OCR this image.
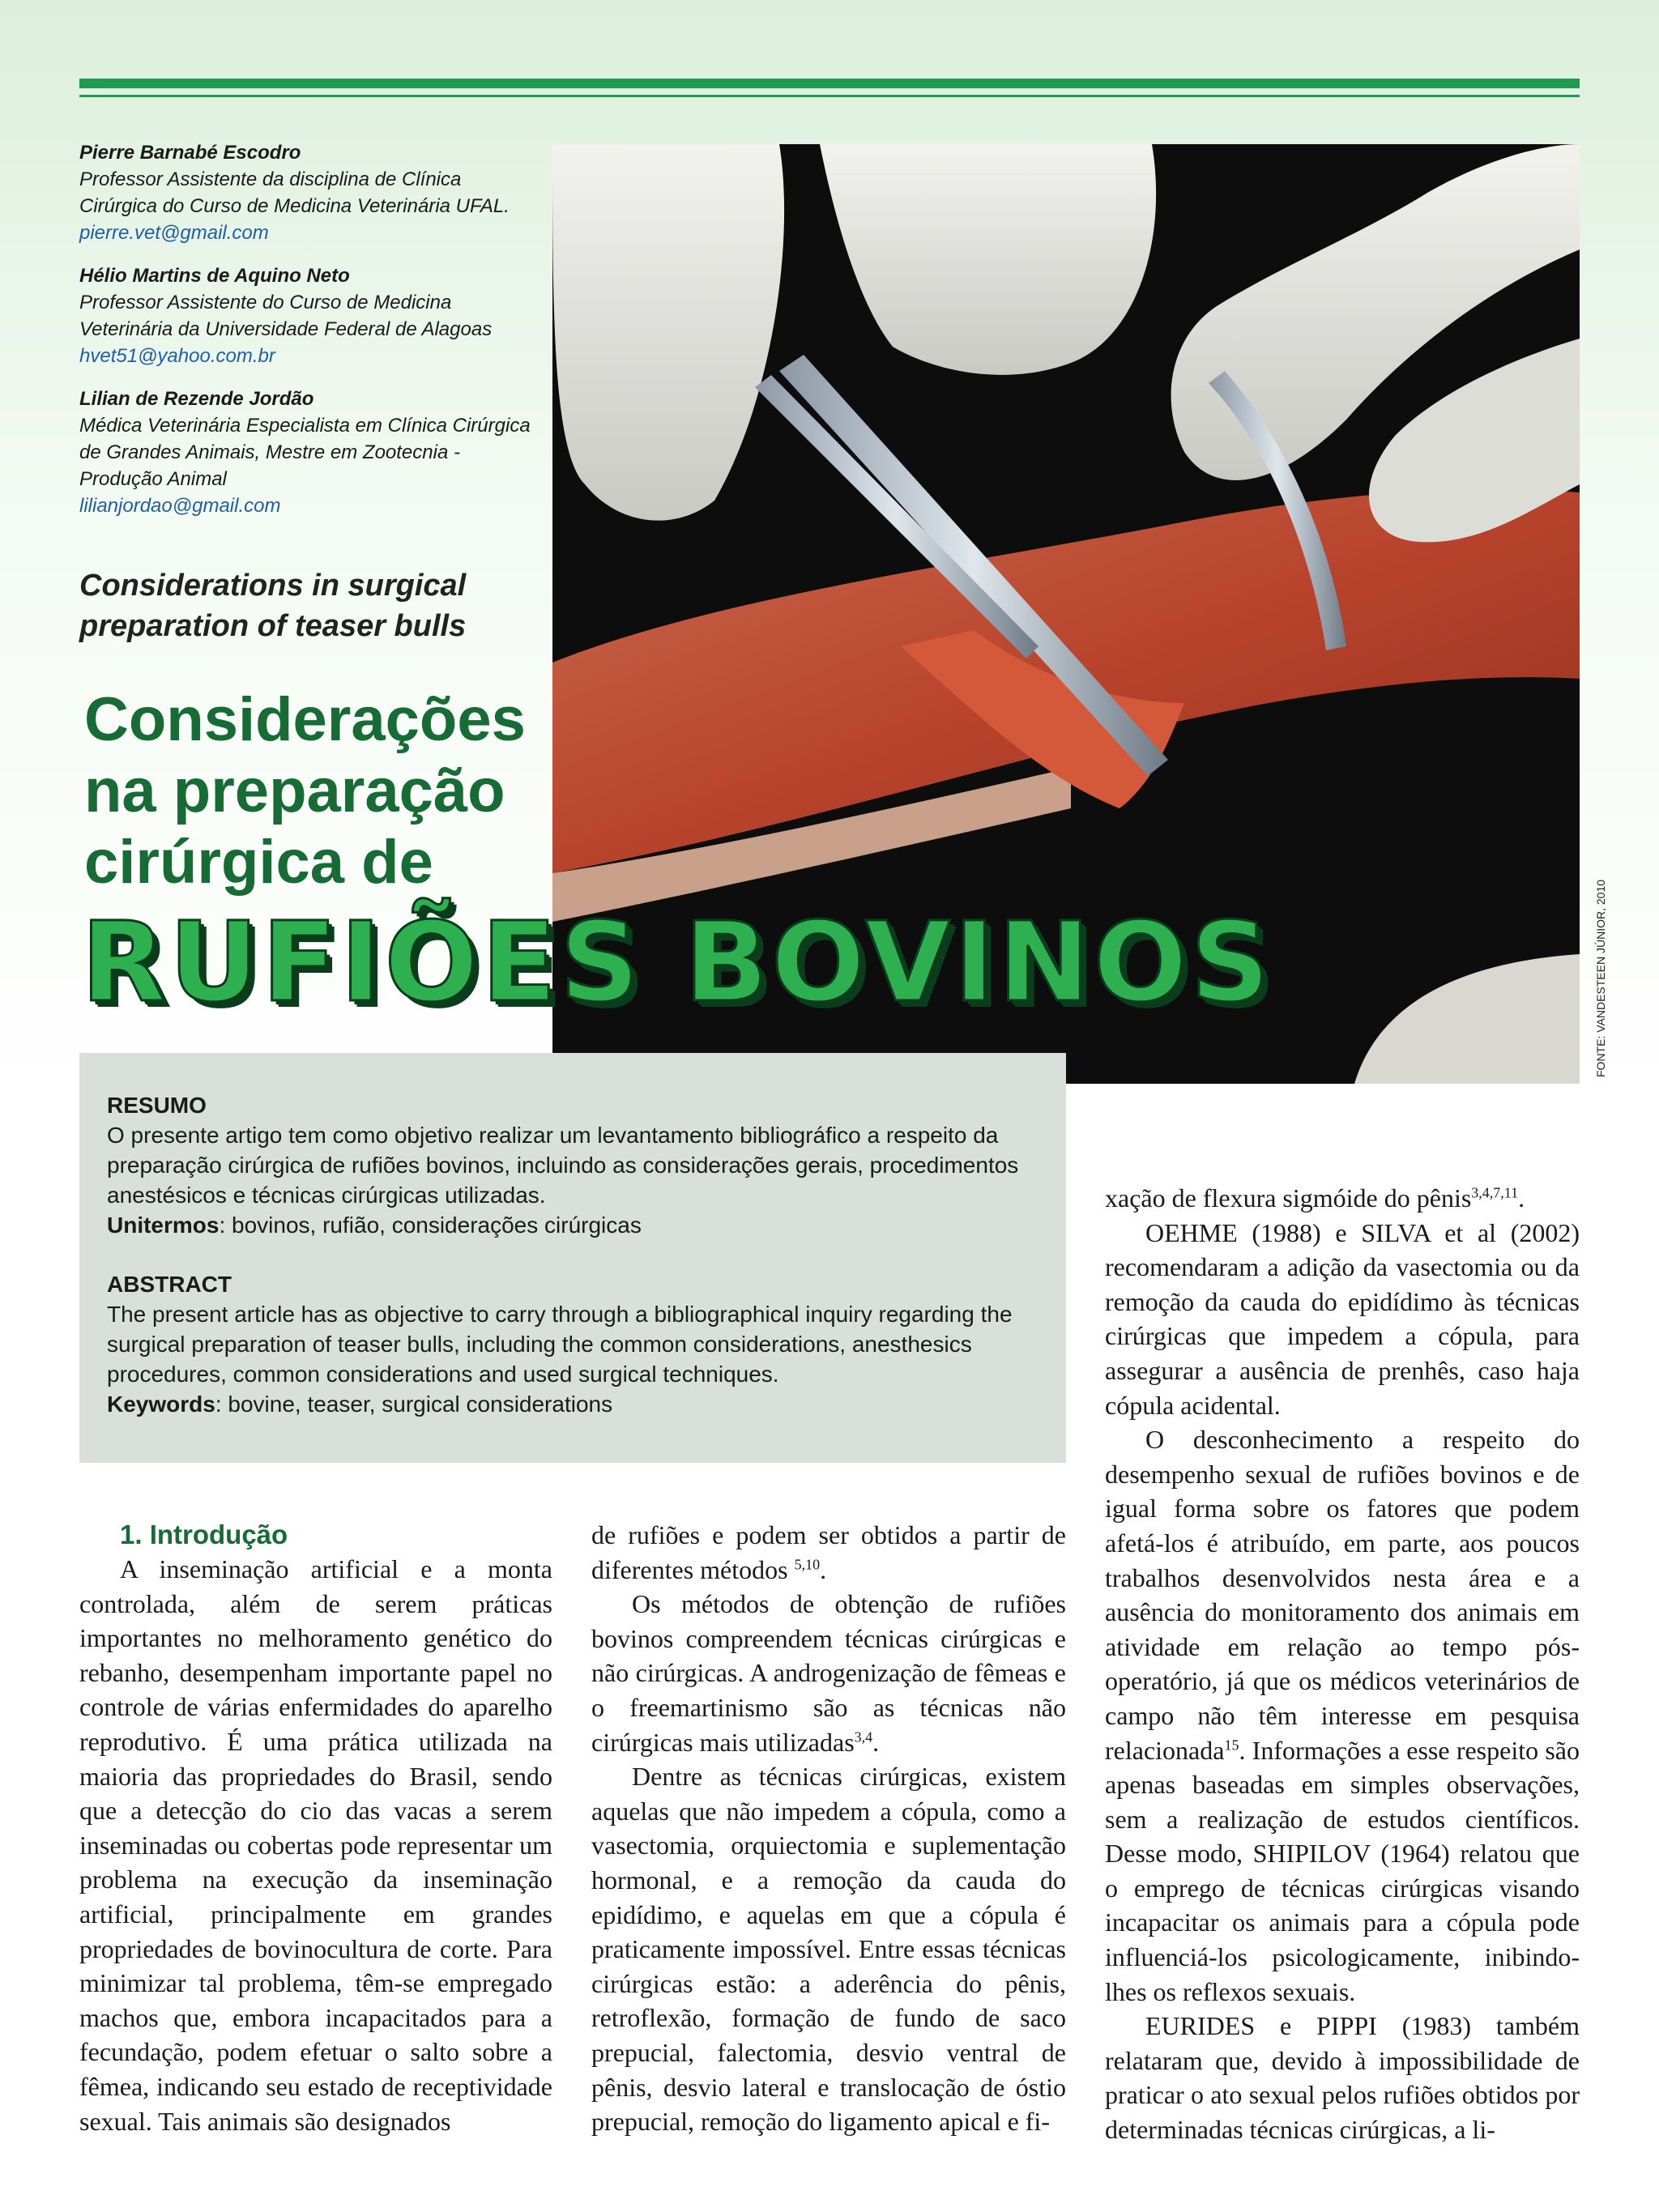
Pierre Barnabé Escodro
Professor Assistente da disciplina de Clínica
Cirúrgica do Curso de Medicina Veterinária UFAL.
pierre.vet@gmail.com
Hélio Martins de Aquino Neto
Professor Assistente do Curso de Medicina
Veterinária da Universidade Federal de Alagoas
hvet51@yahoo.com.br
Lilian de Rezende Jordão
Médica Veterinária Especialista em Clínica Cirúrgica
de Grandes Animais, Mestre em Zootecnia -
Produção Animal
lilianjordao@gmail.com
Considerations in surgical
preparation of teaser bulls
Considerações
na preparação
cirúrgica de
FONTE: VANDESTEEN JÚNIOR, 2010
RUFIÕES BOVINOS

RESUMO

O presente artigo tem como objetivo realizar um levantamento bibliográfico a respeito da preparação cirúrgica de rufiões bovinos, incluindo as considerações gerais, procedimentos anestésicos e técnicas cirúrgicas utilizadas.

Unitermos: bovinos, rufião, considerações cirúrgicas

ABSTRACT

The present article has as objective to carry through a bibliographical inquiry regarding the surgical preparation of teaser bulls, including the common considerations, anesthesics procedures, common considerations and used surgical techniques.

Keywords: bovine, teaser, surgical considerations

1. Introdução

A inseminação artificial e a monta controlada, além de serem práticas importantes no melhoramento genético do rebanho, desempenham importante papel no controle de várias enfermidades do aparelho reprodutivo. É uma prática utilizada na maioria das propriedades do Brasil, sendo que a detecção do cio das vacas a serem inseminadas ou cobertas pode representar um problema na execução da inseminação artificial, principalmente em grandes propriedades de bovinocultura de corte. Para minimizar tal problema, têm-se empregado machos que, embora incapacitados para a fecundação, podem efetuar o salto sobre a fêmea, indicando seu estado de receptividade sexual. Tais animais são designados

de rufiões e podem ser obtidos a partir de diferentes métodos $^{5,10}$.

Os métodos de obtenção de rufiões bovinos compreendem técnicas cirúrgicas e não cirúrgicas. A androgenização de fêmeas e o freemartinismo são as técnicas não cirúrgicas mais utilizadas$^{3,4}$.

Dentre as técnicas cirúrgicas, existem aquelas que não impedem a cópula, como a vasectomia, orquiectomia e suplementação hormonal, e a remoção da cauda do epidídimo, e aquelas em que a cópula é praticamente impossível. Entre essas técnicas cirúrgicas estão: a aderência do pênis, retroflexão, formação de fundo de saco prepucial, falectomia, desvio ventral de pênis, desvio lateral e translocação de óstio prepucial, remoção do ligamento apical e fi-

xação de flexura sigmóide do pênis$^{3,4,7,11}$.

OEHME (1988) e SILVA et al (2002) recomendaram a adição da vasectomia ou da remoção da cauda do epidídimo às técnicas cirúrgicas que impedem a cópula, para assegurar a ausência de prenhês, caso haja cópula acidental.

O desconhecimento a respeito do desempenho sexual de rufiões bovinos e de igual forma sobre os fatores que podem afetá-los é atribuído, em parte, aos poucos trabalhos desenvolvidos nesta área e a ausência do monitoramento dos animais em atividade em relação ao tempo pós-operatório, já que os médicos veterinários de campo não têm interesse em pesquisa relacionada$^{15}$. Informações a esse respeito são apenas baseadas em simples observações, sem a realização de estudos científicos. Desse modo, SHIPILOV (1964) relatou que o emprego de técnicas cirúrgicas visando incapacitar os animais para a cópula pode influenciá-los psicologicamente, inibindo-lhes os reflexos sexuais.

EURIDES e PIPPI (1983) também relataram que, devido à impossibilidade de praticar o ato sexual pelos rufiões obtidos por determinadas técnicas cirúrgicas, a li-
